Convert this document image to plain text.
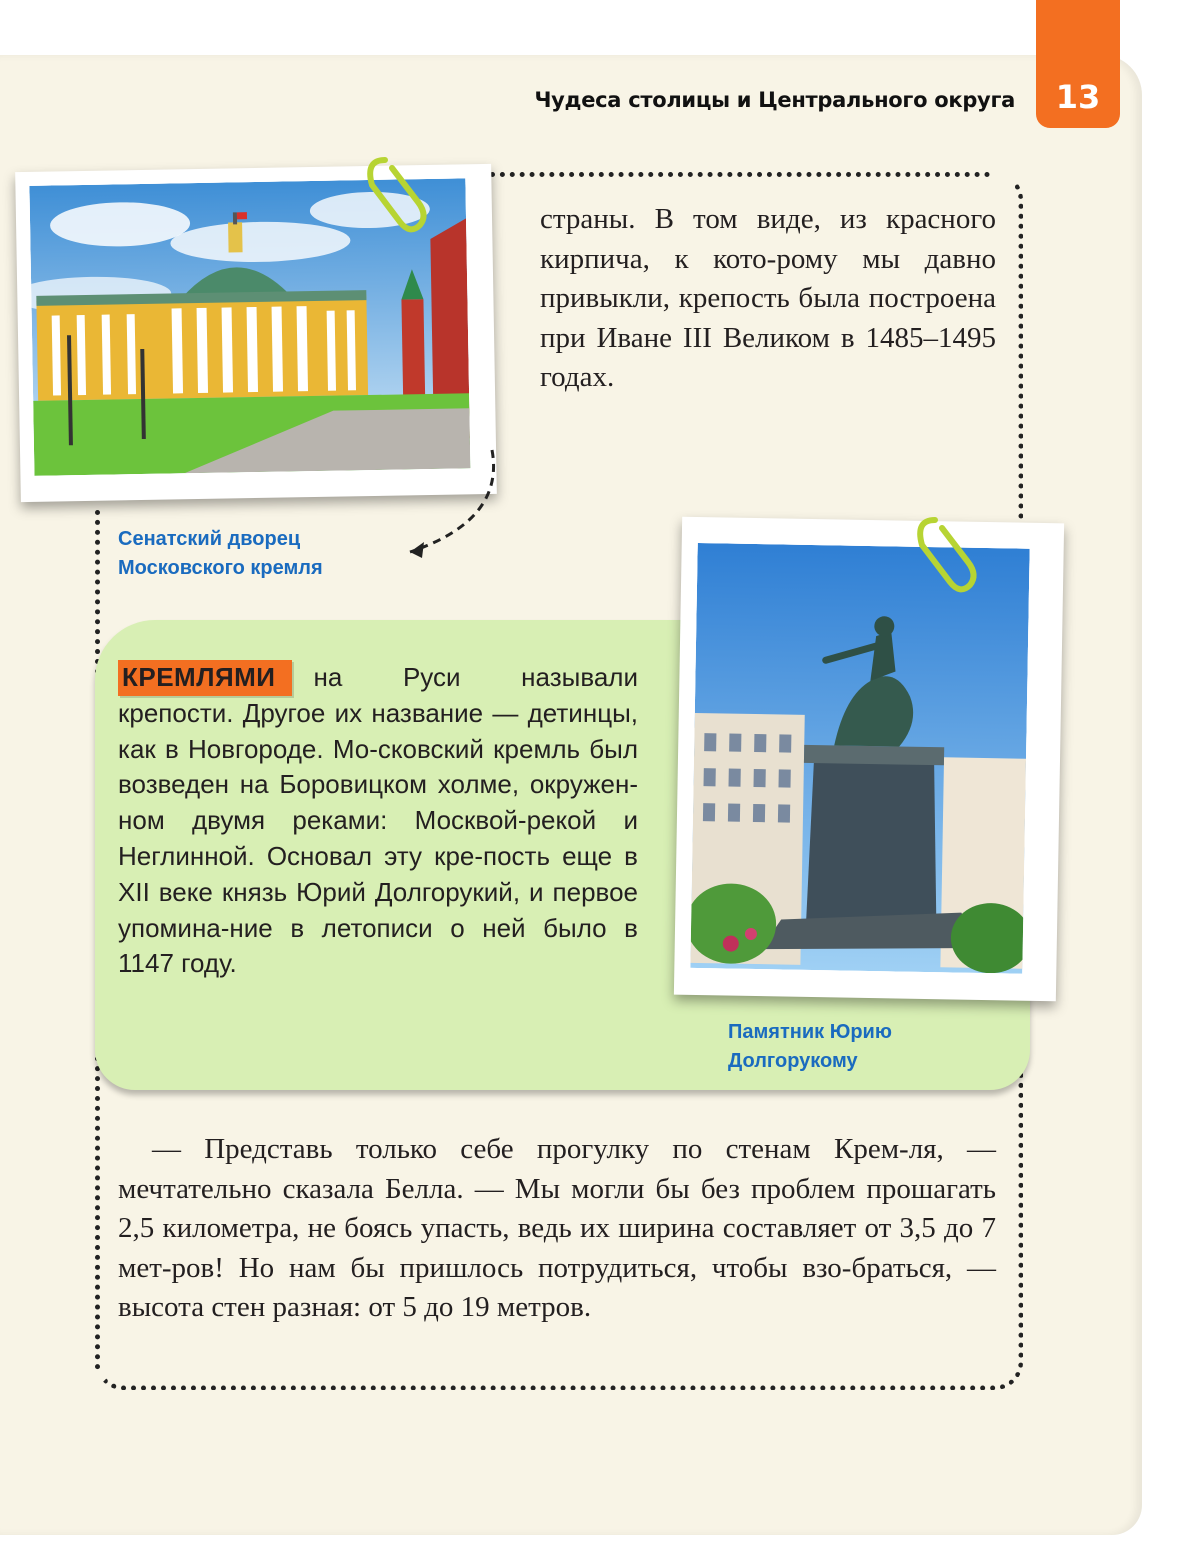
13
Чудеса столицы и Центрального округа
страны. В том виде, из красного кирпича, к кото-рому мы давно привыкли, крепость была построена при Иване III Великом в 1485–1495 годах.
Сенатский дворец
Московского кремля
КРЕМЛЯМИ на Руси называли крепости. Другое их название — детинцы, как в Новгороде. Мо-сковский кремль был возведен на Боровицком холме, окружен-ном двумя реками: Москвой-рекой и Неглинной. Основал эту кре-пость еще в XII веке князь Юрий Долгорукий, и первое упомина-ние в летописи о ней было в 1147 году.
Памятник Юрию
Долгорукому
— Представь только себе прогулку по стенам Крем-ля, — мечтательно сказала Белла. — Мы могли бы без проблем прошагать 2,5 километра, не боясь упасть, ведь их ширина составляет от 3,5 до 7 мет-ров! Но нам бы пришлось потрудиться, чтобы взо-браться, — высота стен разная: от 5 до 19 метров.
